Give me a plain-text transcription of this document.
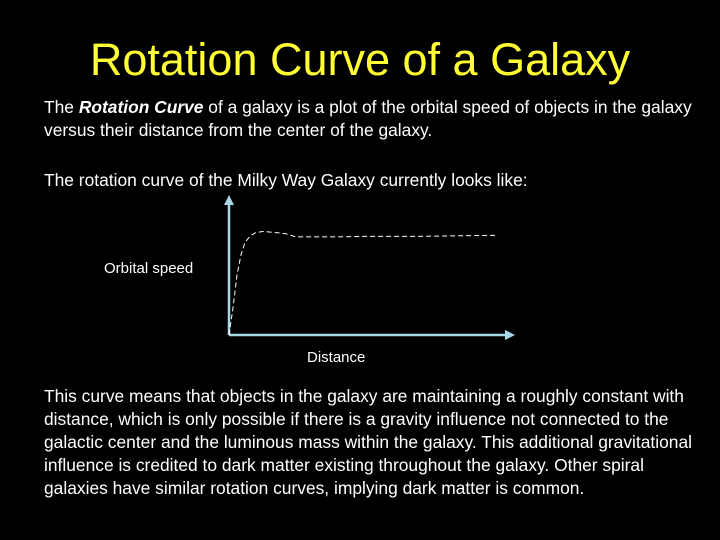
Rotation Curve of a Galaxy

The Rotation Curve of a galaxy is a plot of the orbital speed of objects in the galaxy versus their distance from the center of the galaxy.

The rotation curve of the Milky Way Galaxy currently looks like:

Orbital speed
Distance

This curve means that objects in the galaxy are maintaining a roughly constant with distance, which is only possible if there is a gravity influence not connected to the galactic center and the luminous mass within the galaxy. This additional gravitational influence is credited to dark matter existing throughout the galaxy. Other spiral galaxies have similar rotation curves, implying dark matter is common.
